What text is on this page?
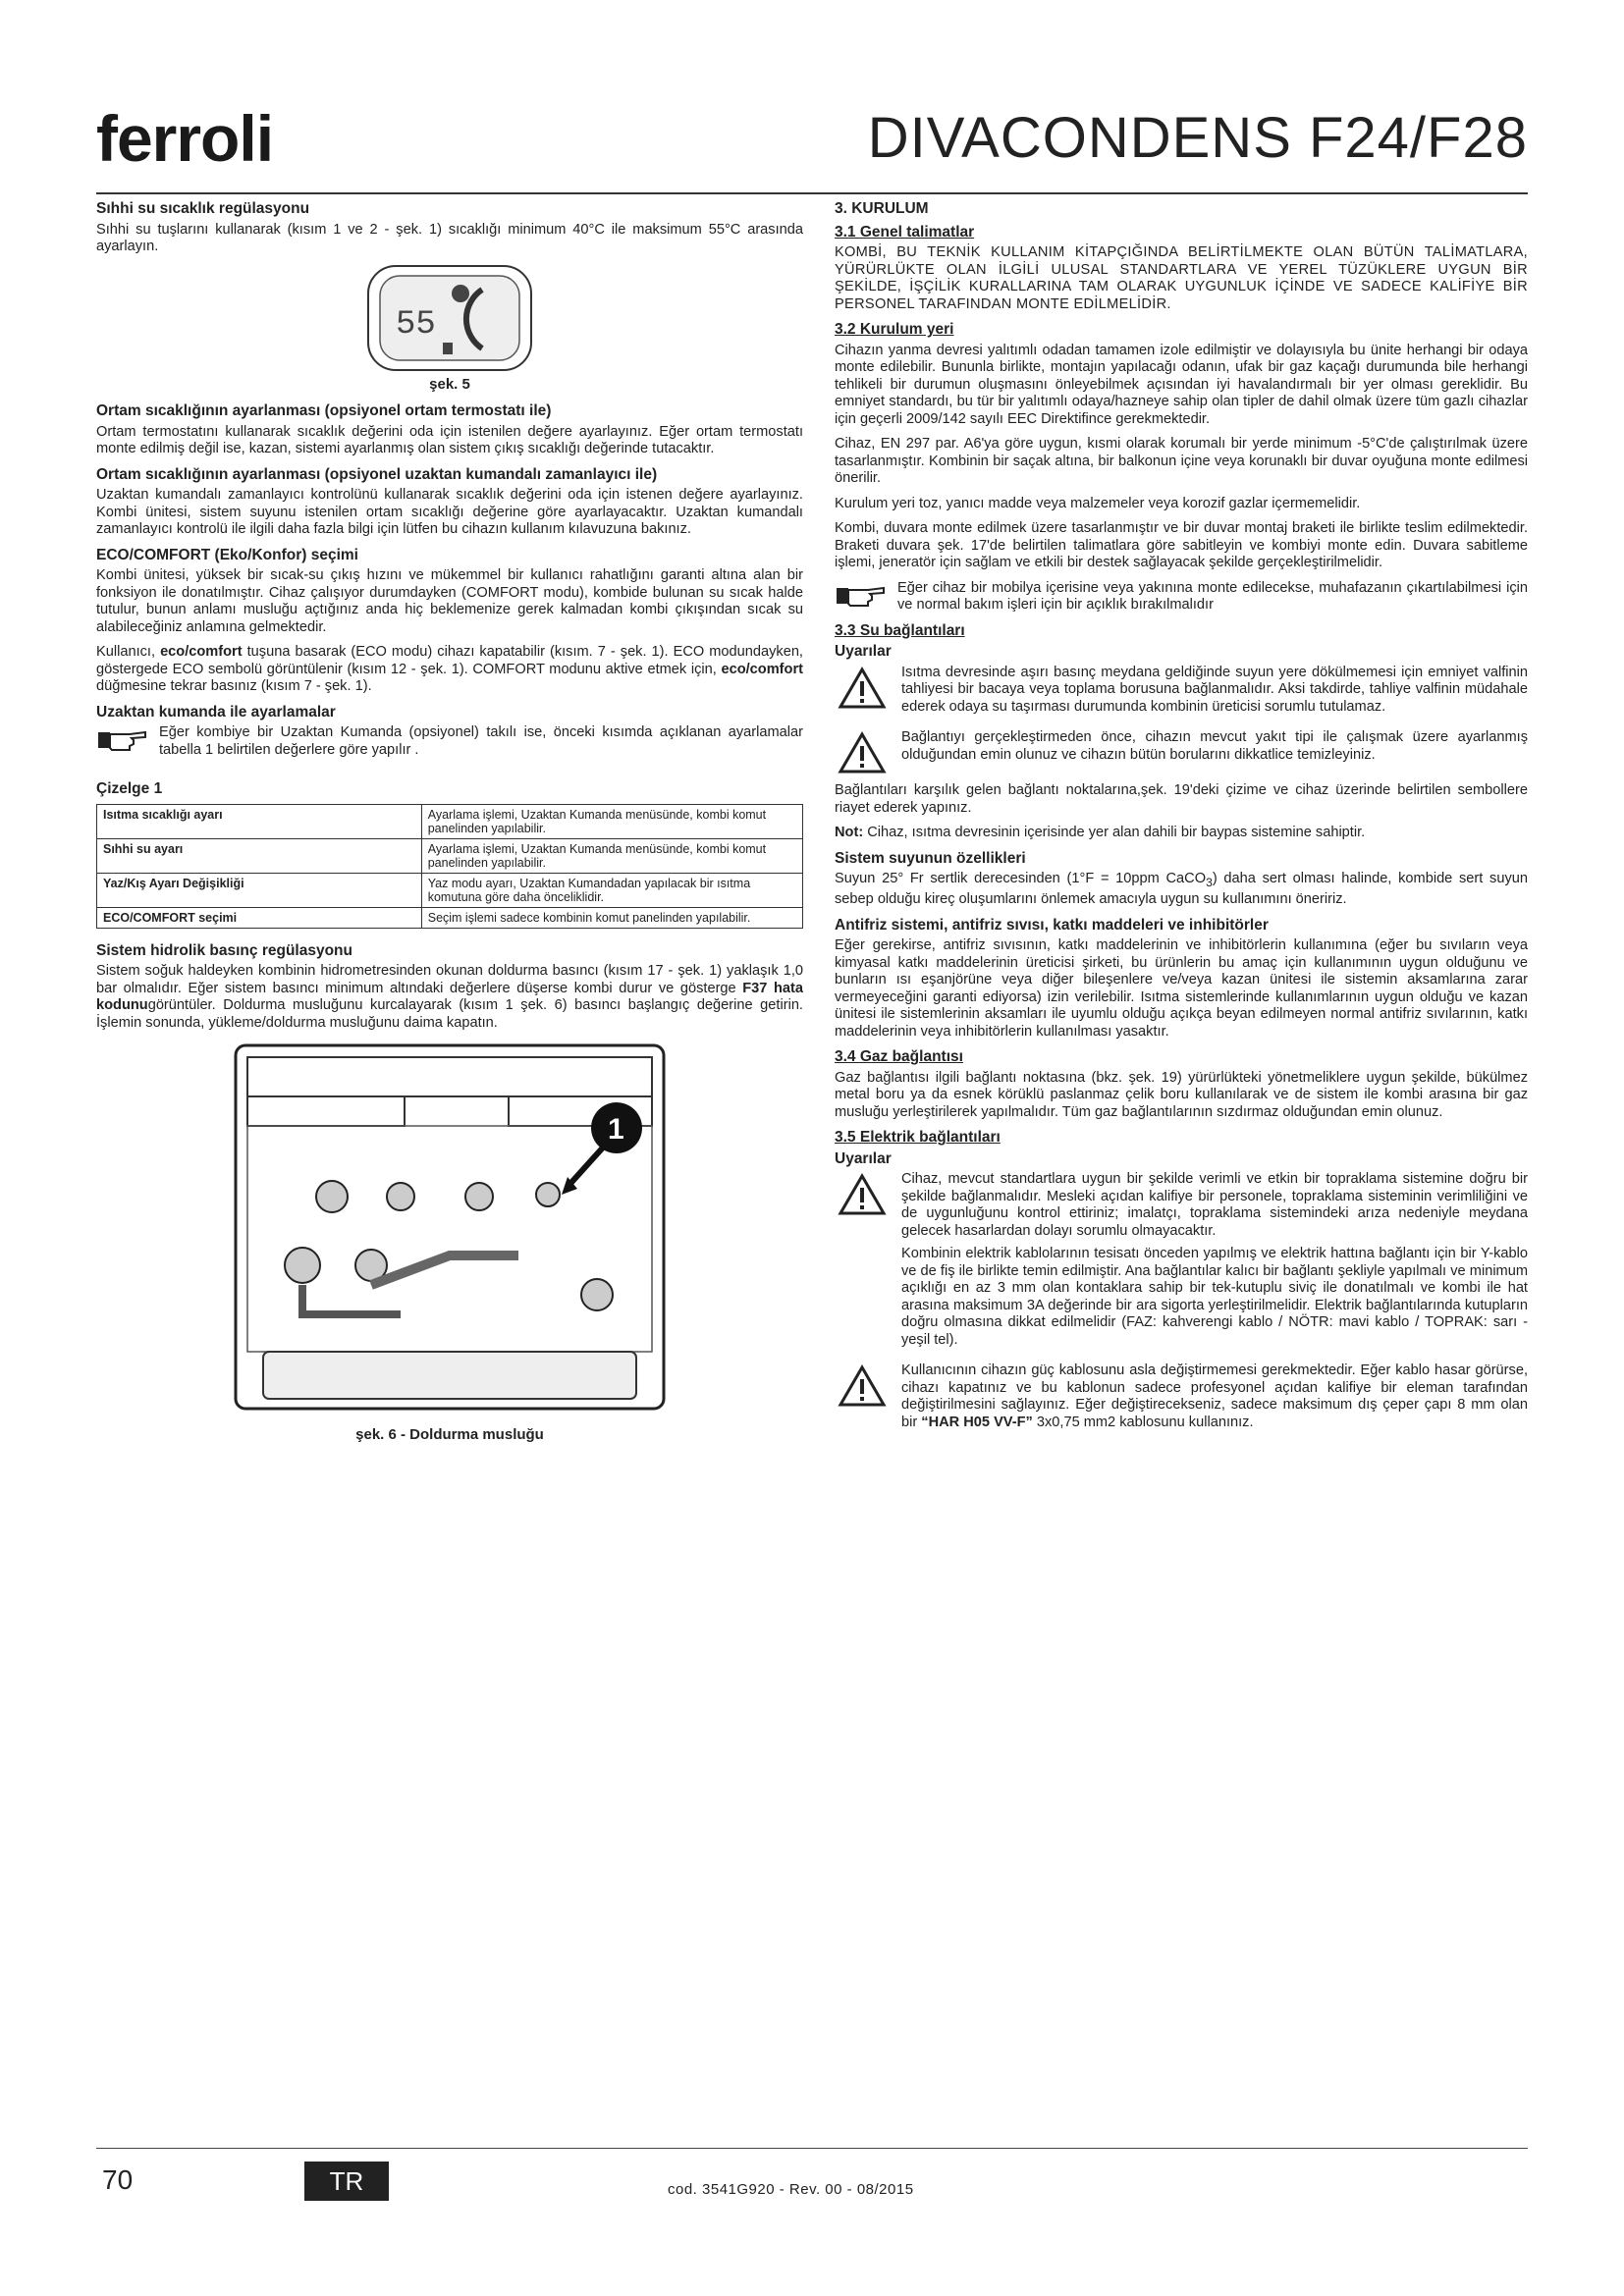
ferroli	DIVACONDENS F24/F28
Sıhhi su sıcaklık regülasyonu

Sıhhi su tuşlarını kullanarak (kısım 1 ve 2 - şek. 1) sıcaklığı minimum 40°C ile maksimum 55°C arasında ayarlayın.

55
şek. 5
Ortam sıcaklığının ayarlanması (opsiyonel ortam termostatı ile)

Ortam termostatını kullanarak sıcaklık değerini oda için istenilen değere ayarlayınız. Eğer ortam termostatı monte edilmiş değil ise, kazan, sistemi ayarlanmış olan sistem çıkış sıcaklığı değerinde tutacaktır.

Ortam sıcaklığının ayarlanması (opsiyonel uzaktan kumandalı zamanlayıcı ile)

Uzaktan kumandalı zamanlayıcı kontrolünü kullanarak sıcaklık değerini oda için istenen değere ayarlayınız. Kombi ünitesi, sistem suyunu istenilen ortam sıcaklığı değerine göre ayarlayacaktır. Uzaktan kumandalı zamanlayıcı kontrolü ile ilgili daha fazla bilgi için lütfen bu cihazın kullanım kılavuzuna bakınız.

ECO/COMFORT (Eko/Konfor) seçimi

Kombi ünitesi, yüksek bir sıcak-su çıkış hızını ve mükemmel bir kullanıcı rahatlığını garanti altına alan bir fonksiyon ile donatılmıştır. Cihaz çalışıyor durumdayken (COMFORT modu), kombide bulunan su sıcak halde tutulur, bunun anlamı musluğu açtığınız anda hiç beklemenize gerek kalmadan kombi çıkışından sıcak su alabileceğiniz anlamına gelmektedir.

Kullanıcı, eco/comfort tuşuna basarak (ECO modu) cihazı kapatabilir (kısım. 7 - şek. 1). ECO modundayken, göstergede ECO sembolü görüntülenir (kısım 12 - şek. 1). COMFORT modunu aktive etmek için, eco/comfort düğmesine tekrar basınız (kısım 7 - şek. 1).

Uzaktan kumanda ile ayarlamalar

Eğer kombiye bir Uzaktan Kumanda (opsiyonel) takılı ise, önceki kısımda açıklanan ayarlamalar tabella 1 belirtilen değerlere göre yapılır .

Çizelge 1
Isıtma sıcaklığı ayarı	Ayarlama işlemi, Uzaktan Kumanda menüsünde, kombi komut panelinden yapılabilir.
Sıhhi su ayarı	Ayarlama işlemi, Uzaktan Kumanda menüsünde, kombi komut panelinden yapılabilir.
Yaz/Kış Ayarı Değişikliği	Yaz modu ayarı, Uzaktan Kumandadan yapılacak bir ısıtma komutuna göre daha önceliklidir.
ECO/COMFORT seçimi	Seçim işlemi sadece kombinin komut panelinden yapılabilir.
Sistem hidrolik basınç regülasyonu

Sistem soğuk haldeyken kombinin hidrometresinden okunan doldurma basıncı (kısım 17 - şek. 1) yaklaşık 1,0 bar olmalıdır. Eğer sistem basıncı minimum altındaki değerlere düşerse kombi durur ve gösterge F37 hata kodunugörüntüler. Doldurma musluğunu kurcalayarak (kısım 1 şek. 6) basıncı başlangıç değerine getirin. İşlemin sonunda, yükleme/doldurma musluğunu daima kapatın.

1
şek. 6 - Doldurma musluğu
3. KURULUM
3.1 Genel talimatlar

KOMBİ, BU TEKNİK KULLANIM KİTAPÇIĞINDA BELİRTİLMEKTE OLAN BÜTÜN TALİMATLARA, YÜRÜRLÜKTE OLAN İLGİLİ ULUSAL STANDARTLARA VE YEREL TÜZÜKLERE UYGUN BİR ŞEKİLDE, İŞÇİLİK KURALLARINA TAM OLARAK UYGUNLUK İÇİNDE VE SADECE KALİFİYE BİR PERSONEL TARAFINDAN MONTE EDİLMELİDİR.

3.2 Kurulum yeri

Cihazın yanma devresi yalıtımlı odadan tamamen izole edilmiştir ve dolayısıyla bu ünite herhangi bir odaya monte edilebilir. Bununla birlikte, montajın yapılacağı odanın, ufak bir gaz kaçağı durumunda bile herhangi tehlikeli bir durumun oluşmasını önleyebilmek açısından iyi havalandırmalı bir yer olması gereklidir. Bu emniyet standardı, bu tür bir yalıtımlı odaya/hazneye sahip olan tipler de dahil olmak üzere tüm gazlı cihazlar için geçerli 2009/142 sayılı EEC Direktifince gerekmektedir.

Cihaz, EN 297 par. A6'ya göre uygun, kısmi olarak korumalı bir yerde minimum -5°C'de çalıştırılmak üzere tasarlanmıştır. Kombinin bir saçak altına, bir balkonun içine veya korunaklı bir duvar oyuğuna monte edilmesi önerilir.

Kurulum yeri toz, yanıcı madde veya malzemeler veya korozif gazlar içermemelidir.

Kombi, duvara monte edilmek üzere tasarlanmıştır ve bir duvar montaj braketi ile birlikte teslim edilmektedir. Braketi duvara şek. 17'de belirtilen talimatlara göre sabitleyin ve kombiyi monte edin. Duvara sabitleme işlemi, jeneratör için sağlam ve etkili bir destek sağlayacak şekilde gerçekleştirilmelidir.

Eğer cihaz bir mobilya içerisine veya yakınına monte edilecekse, muhafazanın çıkartılabilmesi için ve normal bakım işleri için bir açıklık bırakılmalıdır

3.3 Su bağlantıları
Uyarılar

Isıtma devresinde aşırı basınç meydana geldiğinde suyun yere dökülmemesi için emniyet valfinin tahliyesi bir bacaya veya toplama borusuna bağlanmalıdır. Aksi takdirde, tahliye valfinin müdahale ederek odaya su taşırması durumunda kombinin üreticisi sorumlu tutulamaz.

Bağlantıyı gerçekleştirmeden önce, cihazın mevcut yakıt tipi ile çalışmak üzere ayarlanmış olduğundan emin olunuz ve cihazın bütün borularını dikkatlice temizleyiniz.

Bağlantıları karşılık gelen bağlantı noktalarına,şek. 19'deki çizime ve cihaz üzerinde belirtilen sembollere riayet ederek yapınız.

Not: Cihaz, ısıtma devresinin içerisinde yer alan dahili bir baypas sistemine sahiptir.

Sistem suyunun özellikleri

Suyun 25° Fr sertlik derecesinden (1°F = 10ppm CaCO$_3$) daha sert olması halinde, kombide sert suyun sebep olduğu kireç oluşumlarını önlemek amacıyla uygun su kullanımını öneririz.

Antifriz sistemi, antifriz sıvısı, katkı maddeleri ve inhibitörler

Eğer gerekirse, antifriz sıvısının, katkı maddelerinin ve inhibitörlerin kullanımına (eğer bu sıvıların veya kimyasal katkı maddelerinin üreticisi şirketi, bu ürünlerin bu amaç için kullanımının uygun olduğunu ve bunların ısı eşanjörüne veya diğer bileşenlere ve/veya kazan ünitesi ile sistemin aksamlarına zarar vermeyeceğini garanti ediyorsa) izin verilebilir. Isıtma sistemlerinde kullanımlarının uygun olduğu ve kazan ünitesi ile sistemlerinin aksamları ile uyumlu olduğu açıkça beyan edilmeyen normal antifriz sıvılarının, katkı maddelerinin veya inhibitörlerin kullanılması yasaktır.

3.4 Gaz bağlantısı

Gaz bağlantısı ilgili bağlantı noktasına (bkz. şek. 19) yürürlükteki yönetmeliklere uygun şekilde, bükülmez metal boru ya da esnek körüklü paslanmaz çelik boru kullanılarak ve de sistem ile kombi arasına bir gaz musluğu yerleştirilerek yapılmalıdır. Tüm gaz bağlantılarının sızdırmaz olduğundan emin olunuz.

3.5 Elektrik bağlantıları
Uyarılar

Cihaz, mevcut standartlara uygun bir şekilde verimli ve etkin bir topraklama sistemine doğru bir şekilde bağlanmalıdır. Mesleki açıdan kalifiye bir personele, topraklama sisteminin verimliliğini ve de uygunluğunu kontrol ettiriniz; imalatçı, topraklama sistemindeki arıza nedeniyle meydana gelecek hasarlardan dolayı sorumlu olmayacaktır.

Kombinin elektrik kablolarının tesisatı önceden yapılmış ve elektrik hattına bağlantı için bir Y-kablo ve de fiş ile birlikte temin edilmiştir. Ana bağlantılar kalıcı bir bağlantı şekliyle yapılmalı ve minimum açıklığı en az 3 mm olan kontaklara sahip bir tek-kutuplu siviç ile donatılmalı ve kombi ile hat arasına maksimum 3A değerinde bir ara sigorta yerleştirilmelidir. Elektrik bağlantılarında kutupların doğru olmasına dikkat edilmelidir (FAZ: kahverengi kablo / NÖTR: mavi kablo / TOPRAK: sarı - yeşil tel).

Kullanıcının cihazın güç kablosunu asla değiştirmemesi gerekmektedir. Eğer kablo hasar görürse, cihazı kapatınız ve bu kablonun sadece profesyonel açıdan kalifiye bir eleman tarafından değiştirilmesini sağlayınız. Eğer değiştirecekseniz, sadece maksimum dış çeper çapı 8 mm olan bir “HAR H05 VV-F” 3x0,75 mm2 kablosunu kullanınız.

70	TR	cod. 3541G920 - Rev. 00 - 08/2015
